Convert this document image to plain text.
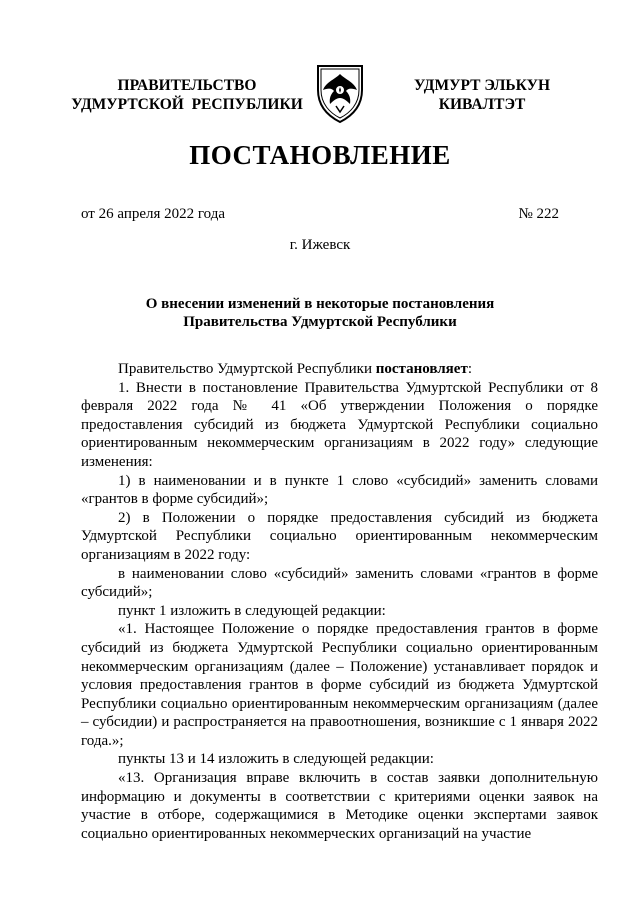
ПРАВИТЕЛЬСТВО
УДМУРТСКОЙ  РЕСПУБЛИКИ
УДМУРТ ЭЛЬКУН
КИВАЛТЭТ
ПОСТАНОВЛЕНИЕ
от 26 апреля 2022 года	№ 222
г. Ижевск
О внесении изменений в некоторые постановления
Правительства Удмуртской Республики

Правительство Удмуртской Республики постановляет:

1. Внести в постановление Правительства Удмуртской Республики от 8 февраля 2022 года № 41 «Об утверждении Положения о порядке предоставления субсидий из бюджета Удмуртской Республики социально ориентированным некоммерческим организациям в 2022 году» следующие изменения:

1) в наименовании и в пункте 1 слово «субсидий» заменить словами «грантов в форме субсидий»;

2) в Положении о порядке предоставления субсидий из бюджета Удмуртской Республики социально ориентированным некоммерческим организациям в 2022 году:

в наименовании слово «субсидий» заменить словами «грантов в форме субсидий»;

пункт 1 изложить в следующей редакции:

«1. Настоящее Положение о порядке предоставления грантов в форме субсидий из бюджета Удмуртской Республики социально ориентированным некоммерческим организациям (далее – Положение) устанавливает порядок и условия предоставления грантов в форме субсидий из бюджета Удмуртской Республики социально ориентированным некоммерческим организациям (далее – субсидии) и распространяется на правоотношения, возникшие с 1 января 2022 года.»;

пункты 13 и 14 изложить в следующей редакции:

«13. Организация вправе включить в состав заявки дополнительную информацию и документы в соответствии с критериями оценки заявок на участие в отборе, содержащимися в Методике оценки экспертами заявок социально ориентированных некоммерческих организаций на участие
